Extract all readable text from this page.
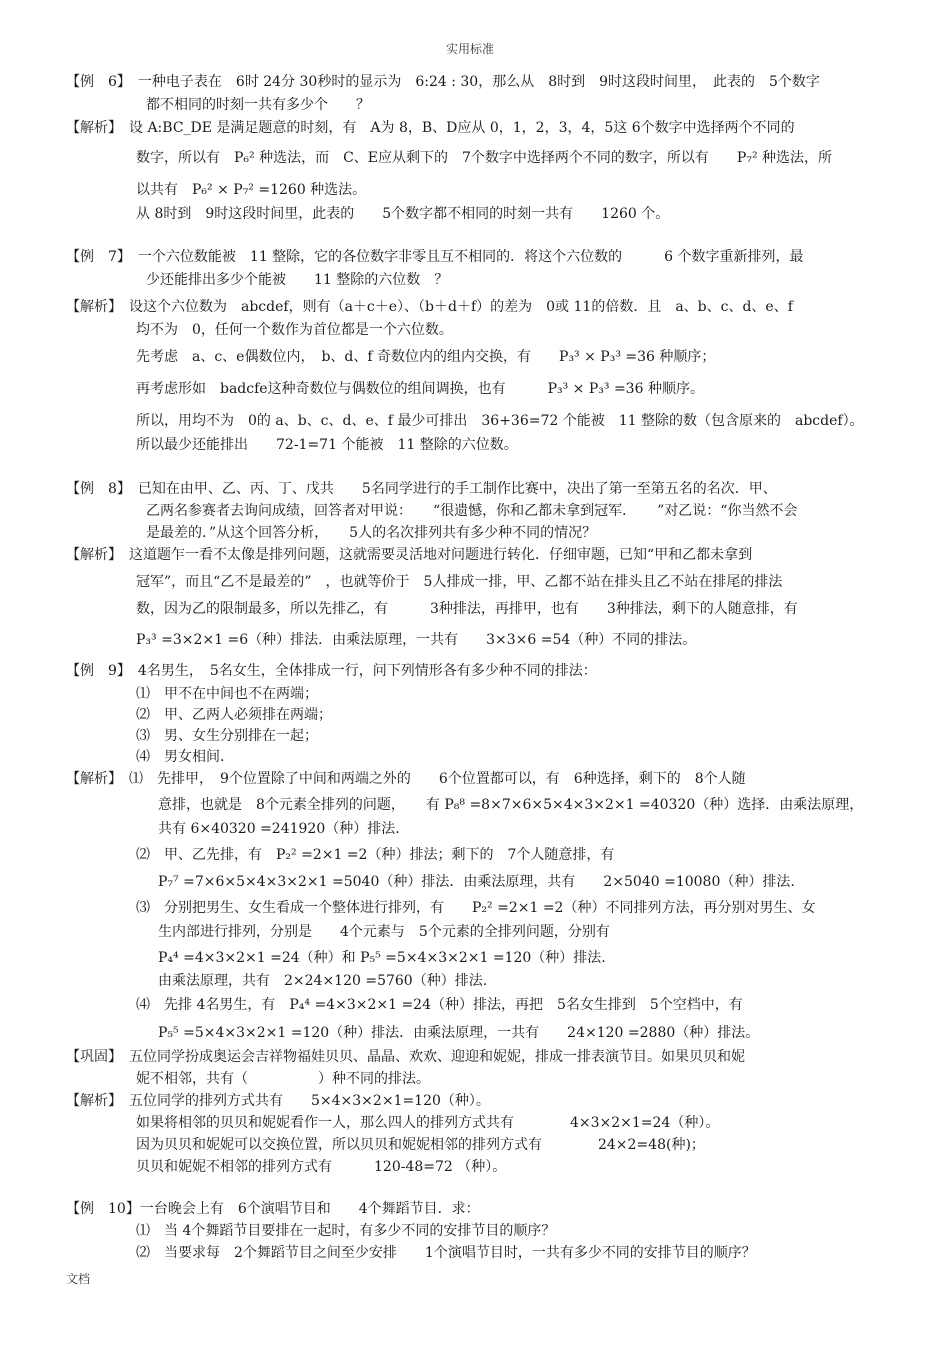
实用标准
【例　6】　一种电子表在　6时 24分 30秒时的显示为　6:24 : 30，那么从　8时到　9时这段时间里，　此表的　5个数字
都不相同的时刻一共有多少个　　？
【解析】　设 A:BC_DE 是满足题意的时刻，有　A为 8，B、D应从 0，1，2，3，4，5这 6个数字中选择两个不同的
数字，所以有　P₆² 种选法，而　C、E应从剩下的　7个数字中选择两个不同的数字，所以有　　P₇² 种选法，所
以共有　P₆² × P₇² =1260 种选法。
从 8时到　9时这段时间里，此表的　　5个数字都不相同的时刻一共有　　1260 个。
【例　7】　一个六位数能被　11 整除，它的各位数字非零且互不相同的．将这个六位数的　　　6 个数字重新排列，最
少还能排出多少个能被　　11 整除的六位数　？
【解析】　设这个六位数为　abcdef，则有（a＋c＋e）、（b＋d＋f）的差为　0或 11的倍数．且　a、b、c、d、e、f
均不为　0，任何一个数作为首位都是一个六位数。
先考虑　a、c、e偶数位内，　b、d、f 奇数位内的组内交换，有　　P₃³ × P₃³ =36 种顺序；
再考虑形如　badcfe这种奇数位与偶数位的组间调换，也有　　　P₃³ × P₃³ =36 种顺序。
所以，用均不为　0的 a、b、c、d、e、f 最少可排出　36+36=72 个能被　11 整除的数（包含原来的　abcdef）。
所以最少还能排出　　72-1=71 个能被　11 整除的六位数。
【例　8】　已知在由甲、乙、丙、丁、戊共　　5名同学进行的手工制作比赛中，决出了第一至第五名的名次．甲、
乙两名参赛者去询问成绩，回答者对甲说：　　“很遗憾，你和乙都未拿到冠军．　　”对乙说：“你当然不会
是最差的．”从这个回答分析，　　5人的名次排列共有多少种不同的情况？
【解析】　这道题乍一看不太像是排列问题，这就需要灵活地对问题进行转化．仔细审题，已知“甲和乙都未拿到
冠军”，而且“乙不是最差的”　，也就等价于　5人排成一排，甲、乙都不站在排头且乙不站在排尾的排法
数，因为乙的限制最多，所以先排乙，有　　　3种排法，再排甲，也有　　3种排法，剩下的人随意排，有
P₃³ =3×2×1 =6（种）排法．由乘法原理，一共有　　3×3×6 =54（种）不同的排法。
【例　9】　4名男生，　5名女生，全体排成一行，问下列情形各有多少种不同的排法：
⑴　甲不在中间也不在两端；
⑵　甲、乙两人必须排在两端；
⑶　男、女生分别排在一起；
⑷　男女相间．
【解析】　⑴　先排甲，　9个位置除了中间和两端之外的　　6个位置都可以，有　6种选择，剩下的　8个人随
意排，也就是　8个元素全排列的问题，　　有 P₈⁸ =8×7×6×5×4×3×2×1 =40320（种）选择．由乘法原理，
共有 6×40320 =241920（种）排法．
⑵　甲、乙先排，有　P₂² =2×1 =2（种）排法；剩下的　7个人随意排，有
P₇⁷ =7×6×5×4×3×2×1 =5040（种）排法．由乘法原理，共有　　2×5040 =10080（种）排法.
⑶　分别把男生、女生看成一个整体进行排列，有　　P₂² =2×1 =2（种）不同排列方法，再分别对男生、女
生内部进行排列，分别是　　4个元素与　5个元素的全排列问题，分别有
P₄⁴ =4×3×2×1 =24（种）和 P₅⁵ =5×4×3×2×1 =120（种）排法.
由乘法原理，共有　2×24×120 =5760（种）排法.
⑷　先排 4名男生，有　P₄⁴ =4×3×2×1 =24（种）排法，再把　5名女生排到　5个空档中，有
P₅⁵ =5×4×3×2×1 =120（种）排法．由乘法原理，一共有　　24×120 =2880（种）排法。
【巩固】　五位同学扮成奥运会吉祥物福娃贝贝、晶晶、欢欢、迎迎和妮妮，排成一排表演节目。如果贝贝和妮
妮不相邻，共有（　　　　　）种不同的排法。
【解析】　五位同学的排列方式共有　　5×4×3×2×1=120（种）。
如果将相邻的贝贝和妮妮看作一人，那么四人的排列方式共有　　　　4×3×2×1=24（种）。
因为贝贝和妮妮可以交换位置，所以贝贝和妮妮相邻的排列方式有　　　　24×2=48(种)；
贝贝和妮妮不相邻的排列方式有　　　120-48=72 （种）。
【例　10】一台晚会上有　6个演唱节目和　　4个舞蹈节目．求：
⑴　当 4个舞蹈节目要排在一起时，有多少不同的安排节目的顺序？
⑵　当要求每　2个舞蹈节目之间至少安排　　1个演唱节目时，一共有多少不同的安排节目的顺序？
文档
